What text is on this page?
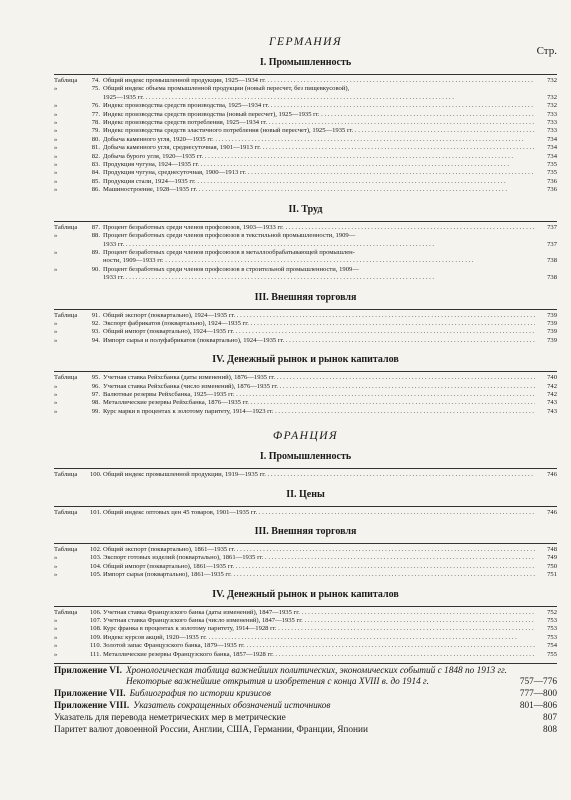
Стр.
ГЕРМАНИЯ
I. Промышленность
Таблица	74. Общий индекс промышленной продукции, 1925—1934 гг. . . .	732
»	75. Общий индекс объема промышленной продукции (новый пересчет, без пищевкусовой),
1925—1935 гг. . . .	732
»	76. Индекс производства средств производства, 1925—1934 гг. . . .	732
»	77. Индекс производства средств производства (новый пересчет), 1925—1935 гг. . . .	733
»	78. Индекс производства средств потребления, 1925—1934 гг. . . .	733
»	79. Индекс производства средств эластичного потребления (новый пересчет), 1925—1935 гг. . . .	733
»	80. Добыча каменного угля, 1920—1935 гг. . . .	734
»	81. Добыча каменного угля, среднесуточная, 1901—1913 гг. . . .	734
»	82. Добыча бурого угля, 1920—1935 гг. . . .	734
»	83. Продукция чугуна, 1924—1935 гг. . . .	735
»	84. Продукция чугуна, среднесуточная, 1900—1913 гг. . . .	735
»	85. Продукция стали, 1924—1935 гг. . . .	736
»	86. Машиностроение, 1928—1935 гг. . . .	736
II. Труд
Таблица	87. Процент безработных среди членов профсоюзов, 1903—1933 гг. . . .	737
»	88. Процент безработных среди членов профсоюзов в текстильной промышленности, 1909—
1933 гг. . . .	737
»	89. Процент безработных среди членов профсоюзов в металлообрабатывающей промышлен-
ности, 1909—1933 гг. . . .	738
»	90. Процент безработных среди членов профсоюзов в строительной промышленности, 1909—
1933 гг. . . .	738
III. Внешняя торговля
Таблица	91. Общий экспорт (поквартально), 1924—1935 гг. . . .	739
»	92. Экспорт фабрикатов (поквартально), 1924—1935 гг. . . .	739
»	93. Общий импорт (поквартально), 1924—1935 гг. . . .	739
»	94. Импорт сырья и полуфабрикатов (поквартально), 1924—1935 гг. . . .	739
IV. Денежный рынок и рынок капиталов
Таблица	95. Учетная ставка Рейхсбанка (даты изменений), 1876—1935 гг. . . .	740
»	96. Учетная ставка Рейхсбанка (число изменений), 1876—1935 гг. . . .	742
»	97. Валютные резервы Рейхсбанка, 1925—1935 гг. . . .	742
»	98. Металлические резервы Рейхсбанка, 1876—1935 гг. . . .	743
»	99. Курс марки в процентах к золотому паритету, 1914—1923 гг. . . .	743
ФРАНЦИЯ
I. Промышленность
Таблица	100. Общий индекс промышленной продукции, 1919—1935 гг. . . .	746
II. Цены
Таблица	101. Общий индекс оптовых цен 45 товаров, 1901—1935 гг. . . .	746
III. Внешняя торговля
Таблица	102. Общий экспорт (поквартально), 1861—1935 гг. . . .	748
»	103. Экспорт готовых изделий (поквартально), 1861—1935 гг. . . .	749
»	104. Общий импорт (поквартально), 1861—1935 гг. . . .	750
»	105. Импорт сырья (поквартально), 1861—1935 гг. . . .	751
IV. Денежный рынок и рынок капиталов
Таблица	106. Учетная ставка Французского банка (даты изменений), 1847—1935 гг. . . .	752
»	107. Учетная ставка Французского банка (число изменений), 1847—1935 гг. . . .	753
»	108. Курс франка в процентах к золотому паритету, 1914—1928 гг. . . .	753
»	109. Индекс курсов акций, 1920—1935 гг. . . .	753
»	110. Золотой запас Французского банка, 1879—1935 гг. . . .	754
»	111. Металлические резервы Французского банка, 1857—1928 гг. . . .	755
Приложение VI. Хронологическая таблица важнейших политических, экономических событий с 1848 по 1913 гг. Некоторые важнейшие открытия и изобретения с конца XVIII в. до 1914 г.	757—776
Приложение VII. Библиография по истории кризисов	777—800
Приложение VIII. Указатель сокращенных обозначений источников	801—806
Указатель для перевода неметрических мер в метрические	807
Паритет валют довоенной России, Англии, США, Германии, Франции, Японии	808
